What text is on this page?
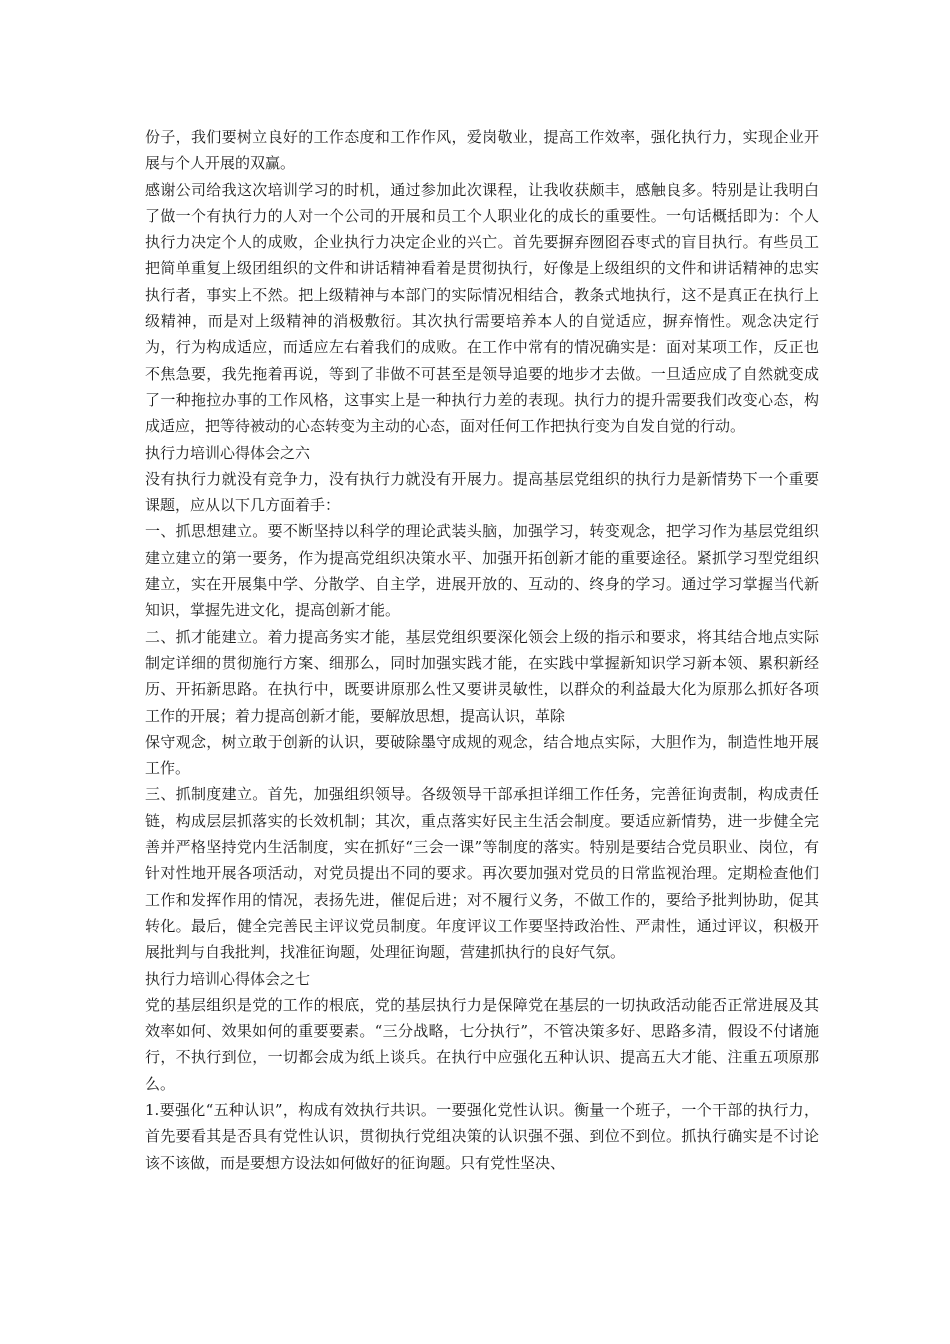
份子，我们要树立良好的工作态度和工作作风，爱岗敬业，提高工作效率，强化执行力，实现企业开展与个人开展的双赢。

感谢公司给我这次培训学习的时机，通过参加此次课程，让我收获颇丰，感触良多。特别是让我明白了做一个有执行力的人对一个公司的开展和员工个人职业化的成长的重要性。一句话概括即为：个人执行力决定个人的成败，企业执行力决定企业的兴亡。首先要摒弃囫囵吞枣式的盲目执行。有些员工把简单重复上级团组织的文件和讲话精神看着是贯彻执行，好像是上级组织的文件和讲话精神的忠实执行者，事实上不然。把上级精神与本部门的实际情况相结合，教条式地执行，这不是真正在执行上级精神，而是对上级精神的消极敷衍。其次执行需要培养本人的自觉适应，摒弃惰性。观念决定行为，行为构成适应，而适应左右着我们的成败。在工作中常有的情况确实是：面对某项工作，反正也不焦急要，我先拖着再说，等到了非做不可甚至是领导追要的地步才去做。一旦适应成了自然就变成了一种拖拉办事的工作风格，这事实上是一种执行力差的表现。执行力的提升需要我们改变心态，构成适应，把等待被动的心态转变为主动的心态，面对任何工作把执行变为自发自觉的行动。

执行力培训心得体会之六

没有执行力就没有竞争力，没有执行力就没有开展力。提高基层党组织的执行力是新情势下一个重要课题，应从以下几方面着手：

一、抓思想建立。要不断坚持以科学的理论武装头脑，加强学习，转变观念，把学习作为基层党组织建立建立的第一要务，作为提高党组织决策水平、加强开拓创新才能的重要途径。紧抓学习型党组织建立，实在开展集中学、分散学、自主学，进展开放的、互动的、终身的学习。通过学习掌握当代新知识，掌握先进文化，提高创新才能。

二、抓才能建立。着力提高务实才能，基层党组织要深化领会上级的指示和要求，将其结合地点实际制定详细的贯彻施行方案、细那么，同时加强实践才能，在实践中掌握新知识学习新本领、累积新经历、开拓新思路。在执行中，既要讲原那么性又要讲灵敏性，以群众的利益最大化为原那么抓好各项工作的开展；着力提高创新才能，要解放思想，提高认识，革除

保守观念，树立敢于创新的认识，要破除墨守成规的观念，结合地点实际，大胆作为，制造性地开展工作。

三、抓制度建立。首先，加强组织领导。各级领导干部承担详细工作任务，完善征询责制，构成责任链，构成层层抓落实的长效机制；其次，重点落实好民主生活会制度。要适应新情势，进一步健全完善并严格坚持党内生活制度，实在抓好“三会一课”等制度的落实。特别是要结合党员职业、岗位，有针对性地开展各项活动，对党员提出不同的要求。再次要加强对党员的日常监视治理。定期检查他们工作和发挥作用的情况，表扬先进，催促后进；对不履行义务，不做工作的，要给予批判协助，促其转化。最后，健全完善民主评议党员制度。年度评议工作要坚持政治性、严肃性，通过评议，积极开展批判与自我批判，找准征询题，处理征询题，营建抓执行的良好气氛。

执行力培训心得体会之七

党的基层组织是党的工作的根底，党的基层执行力是保障党在基层的一切执政活动能否正常进展及其效率如何、效果如何的重要要素。“三分战略，七分执行”，不管决策多好、思路多清，假设不付诸施行，不执行到位，一切都会成为纸上谈兵。在执行中应强化五种认识、提高五大才能、注重五项原那么。

1.要强化“五种认识”，构成有效执行共识。一要强化党性认识。衡量一个班子，一个干部的执行力，首先要看其是否具有党性认识，贯彻执行党组决策的认识强不强、到位不到位。抓执行确实是不讨论该不该做，而是要想方设法如何做好的征询题。只有党性坚决、
